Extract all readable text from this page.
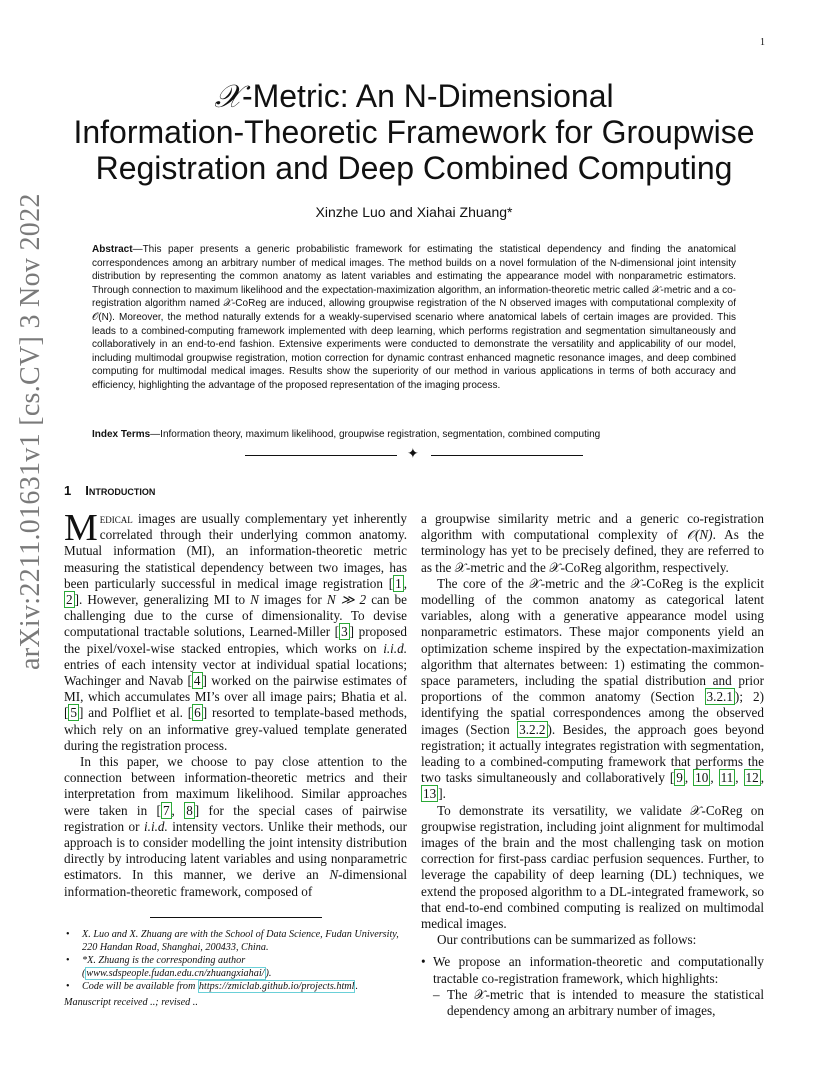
1
arXiv:2211.01631v1 [cs.CV] 3 Nov 2022
𝒳-Metric: An N-Dimensional
Information-Theoretic Framework for Groupwise
Registration and Deep Combined Computing
Xinzhe Luo and Xiahai Zhuang*
Abstract—This paper presents a generic probabilistic framework for estimating the statistical dependency and finding the anatomical correspondences among an arbitrary number of medical images. The method builds on a novel formulation of the N-dimensional joint intensity distribution by representing the common anatomy as latent variables and estimating the appearance model with nonparametric estimators. Through connection to maximum likelihood and the expectation-maximization algorithm, an information-theoretic metric called 𝒳-metric and a co-registration algorithm named 𝒳-CoReg are induced, allowing groupwise registration of the N observed images with computational complexity of 𝒪(N). Moreover, the method naturally extends for a weakly-supervised scenario where anatomical labels of certain images are provided. This leads to a combined-computing framework implemented with deep learning, which performs registration and segmentation simultaneously and collaboratively in an end-to-end fashion. Extensive experiments were conducted to demonstrate the versatility and applicability of our model, including multimodal groupwise registration, motion correction for dynamic contrast enhanced magnetic resonance images, and deep combined computing for multimodal medical images. Results show the superiority of our method in various applications in terms of both accuracy and efficiency, highlighting the advantage of the proposed representation of the imaging process.
Index Terms—Information theory, maximum likelihood, groupwise registration, segmentation, combined computing
✦
1 Introduction

Medical images are usually complementary yet inherently correlated through their underlying common anatomy. Mutual information (MI), an information-theoretic metric measuring the statistical dependency between two images, has been particularly successful in medical image registration [ 1 , 2 ]. However, generalizing MI to N images for N ≫ 2 can be challenging due to the curse of dimensionality. To devise computational tractable solutions, Learned-Miller [ 3 ] proposed the pixel/voxel-wise stacked entropies, which works on i.i.d. entries of each intensity vector at individual spatial locations; Wachinger and Navab [ 4 ] worked on the pairwise estimates of MI, which accumulates MI’s over all image pairs; Bhatia et al. [ 5 ] and Polfliet et al. [ 6 ] resorted to template-based methods, which rely on an informative grey-valued template generated during the registration process.

In this paper, we choose to pay close attention to the connection between information-theoretic metrics and their interpretation from maximum likelihood. Similar approaches were taken in [ 7 , 8 ] for the special cases of pairwise registration or i.i.d. intensity vectors. Unlike their methods, our approach is to consider modelling the joint intensity distribution directly by introducing latent variables and using nonparametric estimators. In this manner, we derive an N-dimensional information-theoretic framework, composed of

• X. Luo and X. Zhuang are with the School of Data Science, Fudan University, 220 Handan Road, Shanghai, 200433, China.
• *X. Zhuang is the corresponding author (www.sdspeople.fudan.edu.cn/zhuangxiahai/).
• Code will be available from https://zmiclab.github.io/projects.html.
Manuscript received ..; revised ..

a groupwise similarity metric and a generic co-registration algorithm with computational complexity of 𝒪(N). As the terminology has yet to be precisely defined, they are referred to as the 𝒳-metric and the 𝒳-CoReg algorithm, respectively.

The core of the 𝒳-metric and the 𝒳-CoReg is the explicit modelling of the common anatomy as categorical latent variables, along with a generative appearance model using nonparametric estimators. These major components yield an optimization scheme inspired by the expectation-maximization algorithm that alternates between: 1) estimating the common-space parameters, including the spatial distribution and prior proportions of the common anatomy (Section 3.2.1 ); 2) identifying the spatial correspondences among the observed images (Section 3.2.2 ). Besides, the approach goes beyond registration; it actually integrates registration with segmentation, leading to a combined-computing framework that performs the two tasks simultaneously and collaboratively [ 9 , 10 , 11 , 12 , 13 ].

To demonstrate its versatility, we validate 𝒳-CoReg on groupwise registration, including joint alignment for multimodal images of the brain and the most challenging task on motion correction for first-pass cardiac perfusion sequences. Further, to leverage the capability of deep learning (DL) techniques, we extend the proposed algorithm to a DL-integrated framework, so that end-to-end combined computing is realized on multimodal medical images.

Our contributions can be summarized as follows:

• We propose an information-theoretic and computationally tractable co-registration framework, which highlights:
– The 𝒳-metric that is intended to measure the statistical dependency among an arbitrary number of images,
